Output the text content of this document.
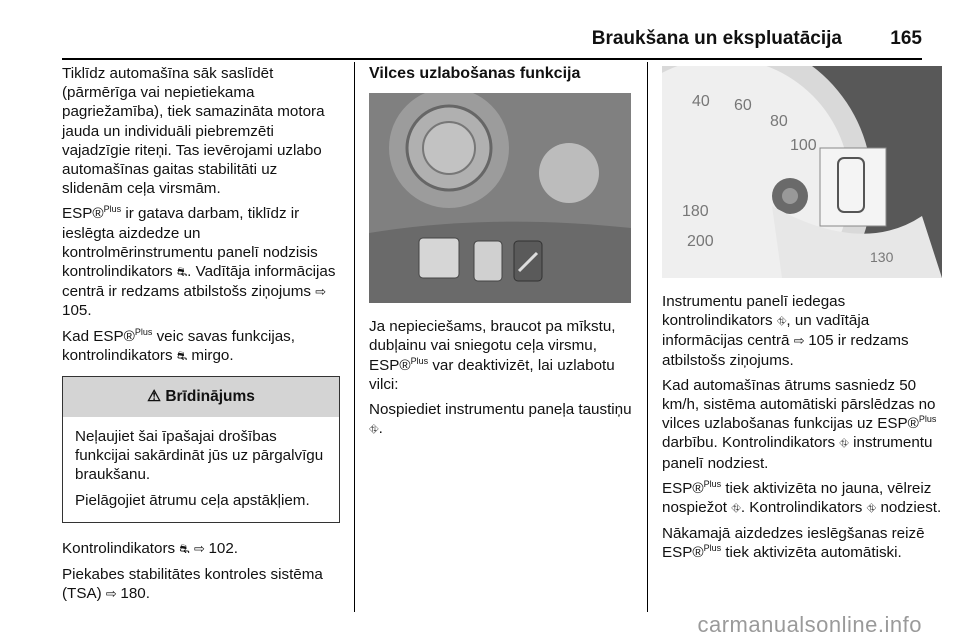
Braukšana un ekspluatācija	165

Tiklīdz automašīna sāk saslīdēt (pārmērīga vai nepietiekama pagriežamība), tiek samazināta motora jauda un individuāli piebremzēti vajadzīgie riteņi. Tas ievērojami uzlabo automašīnas gaitas stabilitāti uz slidenām ceļa virsmām.

ESP®$^{Plus}$ ir gatava darbam, tiklīdz ir ieslēgta aizdedze un kontrolmērinstrumentu panelī nodzisis kontrolindikators ⛐. Vadītāja informācijas centrā ir redzams atbilstošs ziņojums ⇨ 105.

Kad ESP®$^{Plus}$ veic savas funkcijas, kontrolindikators ⛐ mirgo.

⚠ Brīdinājums

Neļaujiet šai īpašajai drošības funkcijai sakārdināt jūs uz pārgalvīgu braukšanu.

Pielāgojiet ātrumu ceļa apstākļiem.

Kontrolindikators ⛐ ⇨ 102.

Piekabes stabilitātes kontroles sistēma (TSA) ⇨ 180.

Vilces uzlabošanas funkcija

Ja nepieciešams, braucot pa mīkstu, dubļainu vai sniegotu ceļa virsmu, ESP®$^{Plus}$ var deaktivizēt, lai uzlabotu vilci:

Nospiediet instrumentu paneļa taustiņu ⛗.

40 60
80
100
180
200
130

Instrumentu panelī iedegas kontrolindikators ⛗, un vadītāja informācijas centrā ⇨ 105 ir redzams atbilstošs ziņojums.

Kad automašīnas ātrums sasniedz 50 km/h, sistēma automātiski pārslēdzas no vilces uzlabošanas funkcijas uz ESP®$^{Plus}$ darbību. Kontrolindikators ⛗ instrumentu panelī nodziest.

ESP®$^{Plus}$ tiek aktivizēta no jauna, vēlreiz nospiežot ⛗. Kontrolindikators ⛗ nodziest.

Nākamajā aizdedzes ieslēgšanas reizē ESP®$^{Plus}$ tiek aktivizēta automātiski.

carmanualsonline.info
